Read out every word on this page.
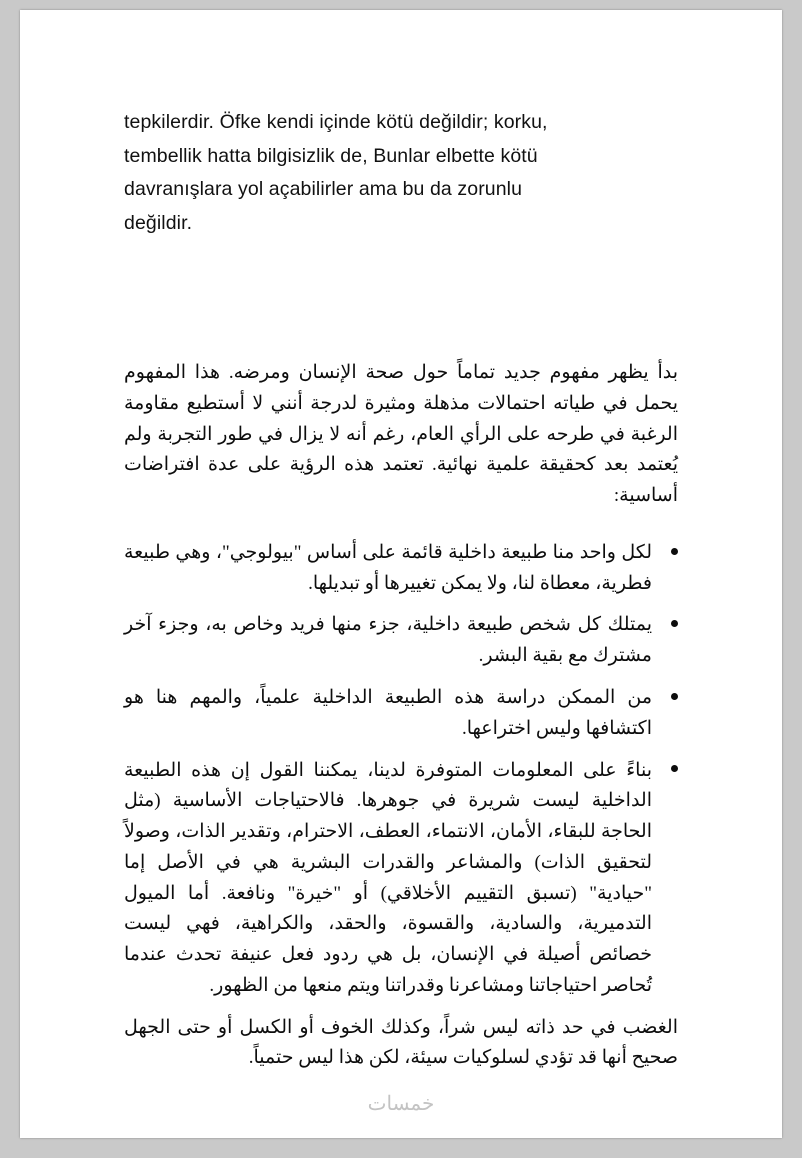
tepkilerdir. Öfke kendi içinde kötü değildir; korku, tembellik hatta bilgisizlik de, Bunlar elbette kötü davranışlara yol açabilirler ama bu da zorunlu değildir.

بدأ يظهر مفهوم جديد تماماً حول صحة الإنسان ومرضه. هذا المفهوم يحمل في طياته احتمالات مذهلة ومثيرة لدرجة أنني لا أستطيع مقاومة الرغبة في طرحه على الرأي العام، رغم أنه لا يزال في طور التجربة ولم يُعتمد بعد كحقيقة علمية نهائية. تعتمد هذه الرؤية على عدة افتراضات أساسية:

لكل واحد منا طبيعة داخلية قائمة على أساس "بيولوجي"، وهي طبيعة فطرية، معطاة لنا، ولا يمكن تغييرها أو تبديلها.
يمتلك كل شخص طبيعة داخلية، جزء منها فريد وخاص به، وجزء آخر مشترك مع بقية البشر.
من الممكن دراسة هذه الطبيعة الداخلية علمياً، والمهم هنا هو اكتشافها وليس اختراعها.
بناءً على المعلومات المتوفرة لدينا، يمكننا القول إن هذه الطبيعة الداخلية ليست شريرة في جوهرها. فالاحتياجات الأساسية (مثل الحاجة للبقاء، الأمان، الانتماء، العطف، الاحترام، وتقدير الذات، وصولاً لتحقيق الذات) والمشاعر والقدرات البشرية هي في الأصل إما "حيادية" (تسبق التقييم الأخلاقي) أو "خيرة" ونافعة. أما الميول التدميرية، والسادية، والقسوة، والحقد، والكراهية، فهي ليست خصائص أصيلة في الإنسان، بل هي ردود فعل عنيفة تحدث عندما تُحاصر احتياجاتنا ومشاعرنا وقدراتنا ويتم منعها من الظهور.

الغضب في حد ذاته ليس شراً، وكذلك الخوف أو الكسل أو حتى الجهل صحيح أنها قد تؤدي لسلوكيات سيئة، لكن هذا ليس حتمياً.

خمسات
